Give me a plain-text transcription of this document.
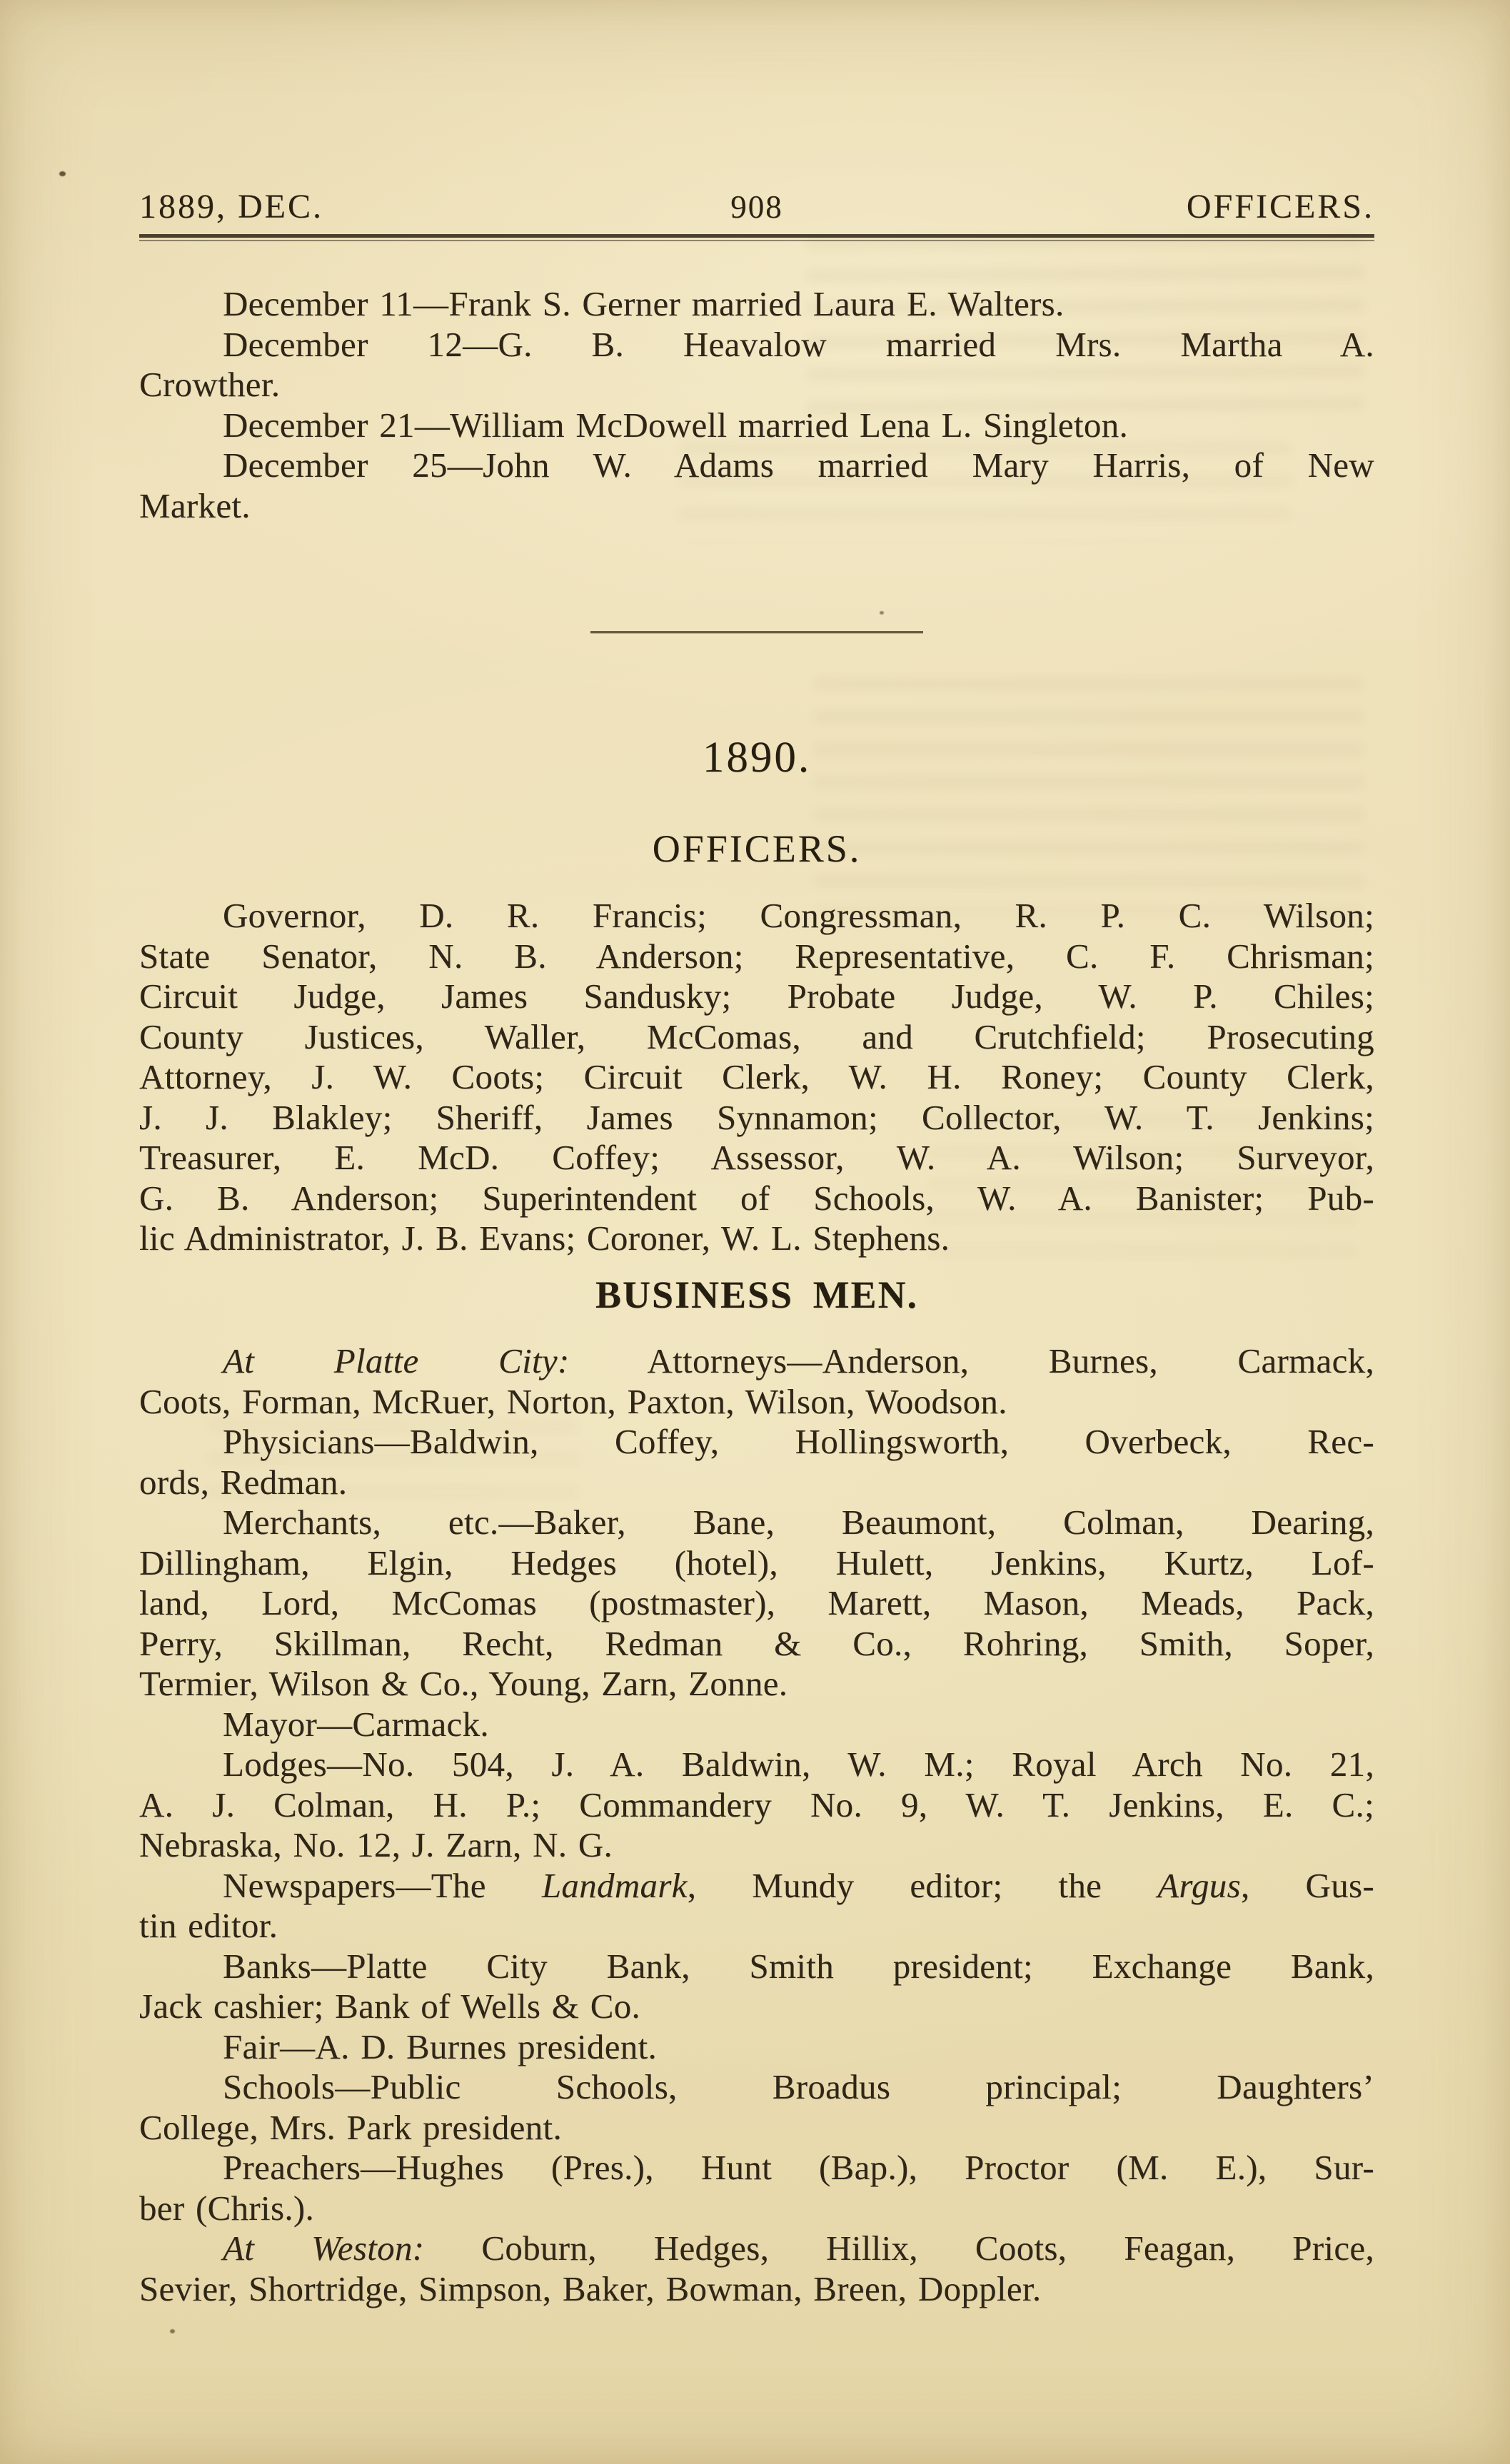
1889, DEC.	908	OFFICERS.
December 11—Frank S. Gerner married Laura E. Walters.
December 12—G. B. Heavalow married Mrs. Martha A.
Crowther.
December 21—William McDowell married Lena L. Singleton.
December 25—John W. Adams married Mary Harris, of New
Market.
1890.
OFFICERS.
Governor, D. R. Francis; Congressman, R. P. C. Wilson;
State Senator, N. B. Anderson; Representative, C. F. Chrisman;
Circuit Judge, James Sandusky; Probate Judge, W. P. Chiles;
County Justices, Waller, McComas, and Crutchfield; Prosecuting
Attorney, J. W. Coots; Circuit Clerk, W. H. Roney; County Clerk,
J. J. Blakley; Sheriff, James Synnamon; Collector, W. T. Jenkins;
Treasurer, E. McD. Coffey; Assessor, W. A. Wilson; Surveyor,
G. B. Anderson; Superintendent of Schools, W. A. Banister; Pub-
lic Administrator, J. B. Evans; Coroner, W. L. Stephens.
BUSINESS MEN.
At Platte City: Attorneys—Anderson, Burnes, Carmack,
Coots, Forman, McRuer, Norton, Paxton, Wilson, Woodson.
Physicians—Baldwin, Coffey, Hollingsworth, Overbeck, Rec-
ords, Redman.
Merchants, etc.—Baker, Bane, Beaumont, Colman, Dearing,
Dillingham, Elgin, Hedges (hotel), Hulett, Jenkins, Kurtz, Lof-
land, Lord, McComas (postmaster), Marett, Mason, Meads, Pack,
Perry, Skillman, Recht, Redman & Co., Rohring, Smith, Soper,
Termier, Wilson & Co., Young, Zarn, Zonne.
Mayor—Carmack.
Lodges—No. 504, J. A. Baldwin, W. M.; Royal Arch No. 21,
A. J. Colman, H. P.; Commandery No. 9, W. T. Jenkins, E. C.;
Nebraska, No. 12, J. Zarn, N. G.
Newspapers—The Landmark, Mundy editor; the Argus, Gus-
tin editor.
Banks—Platte City Bank, Smith president; Exchange Bank,
Jack cashier; Bank of Wells & Co.
Fair—A. D. Burnes president.
Schools—Public Schools, Broadus principal; Daughters’
College, Mrs. Park president.
Preachers—Hughes (Pres.), Hunt (Bap.), Proctor (M. E.), Sur-
ber (Chris.).
At Weston: Coburn, Hedges, Hillix, Coots, Feagan, Price,
Sevier, Shortridge, Simpson, Baker, Bowman, Breen, Doppler.
